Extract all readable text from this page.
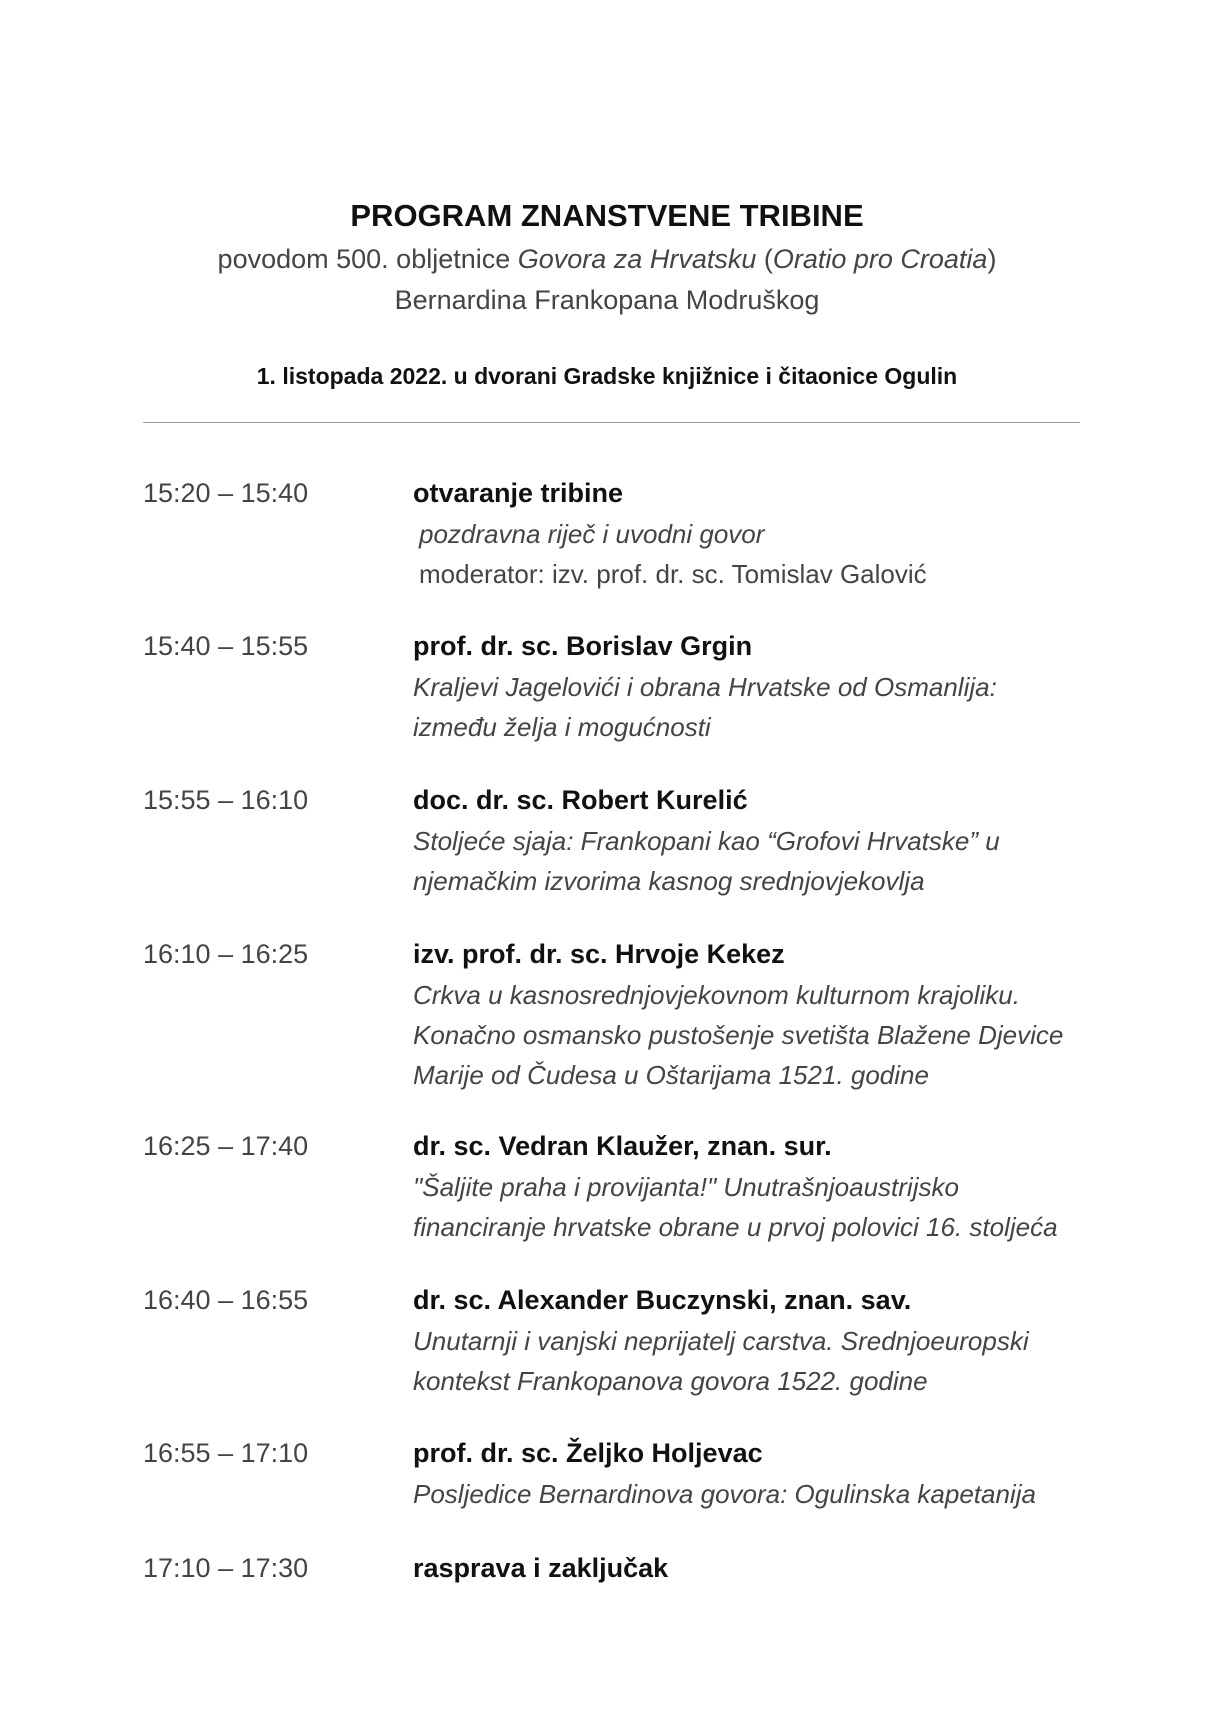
PROGRAM ZNANSTVENE TRIBINE
povodom 500. obljetnice Govora za Hrvatsku (Oratio pro Croatia)
Bernardina Frankopana Modruškog
1. listopada 2022. u dvorani Gradske knjižnice i čitaonice Ogulin
15:20 – 15:40	otvaranje tribine
pozdravna riječ i uvodni govor
moderator: izv. prof. dr. sc. Tomislav Galović
15:40 – 15:55	prof. dr. sc. Borislav Grgin
Kraljevi Jagelovići i obrana Hrvatske od Osmanlija:
između želja i mogućnosti
15:55 – 16:10	doc. dr. sc. Robert Kurelić
Stoljeće sjaja: Frankopani kao “Grofovi Hrvatske” u
njemačkim izvorima kasnog srednjovjekovlja
16:10 – 16:25	izv. prof. dr. sc. Hrvoje Kekez
Crkva u kasnosrednjovjekovnom kulturnom krajoliku.
Konačno osmansko pustošenje svetišta Blažene Djevice
Marije od Čudesa u Oštarijama 1521. godine
16:25 – 17:40	dr. sc. Vedran Klaužer, znan. sur.
"Šaljite praha i provijanta!" Unutrašnjoaustrijsko
financiranje hrvatske obrane u prvoj polovici 16. stoljeća
16:40 – 16:55	dr. sc. Alexander Buczynski, znan. sav.
Unutarnji i vanjski neprijatelj carstva. Srednjoeuropski
kontekst Frankopanova govora 1522. godine
16:55 – 17:10	prof. dr. sc. Željko Holjevac
Posljedice Bernardinova govora: Ogulinska kapetanija
17:10 – 17:30	rasprava i zaključak
